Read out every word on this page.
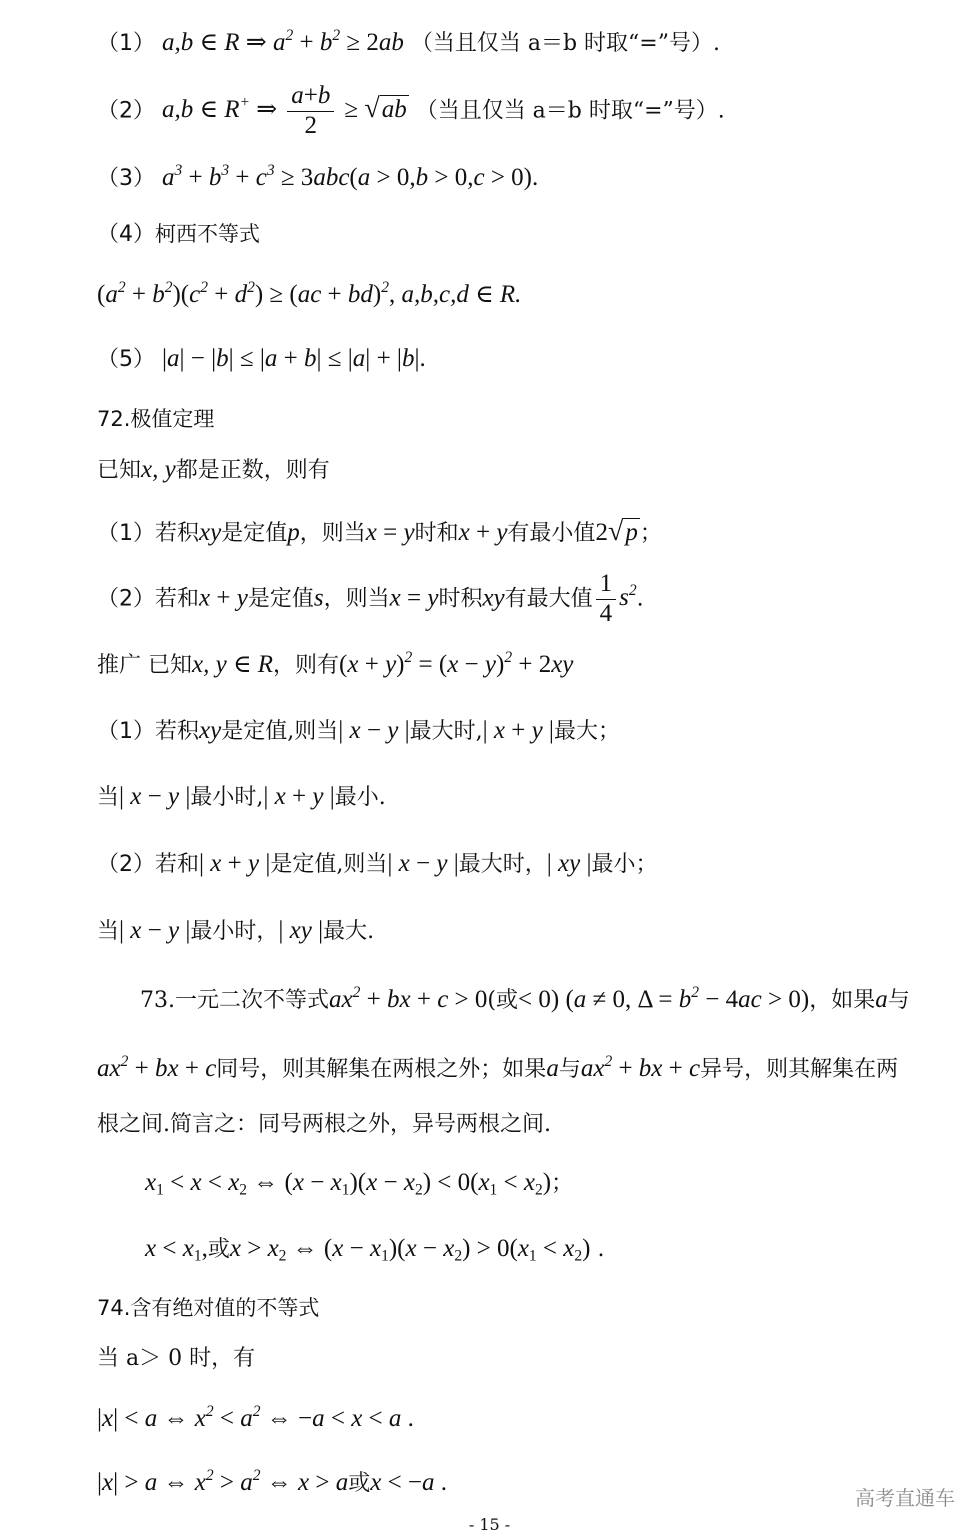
（1） a,b ∈ R ⇒ $a^2 + b^2 \ge 2ab$ （当且仅当 a＝b 时取“=”号）.
（2） a,b ∈ R+ ⇒ $\frac{a+b}{2} \ge √ab$ （当且仅当 a＝b 时取“=”号）.
（3） $a^3 + b^3 + c^3 \ge 3abc(a > 0,b > 0,c > 0)$.
（4）柯西不等式
$(a^2 + b^2)(c^2 + d^2) \ge (ac + bd)^2$, a,b,c,d ∈ R.
（5） |a| − |b| ≤ |a + b| ≤ |a| + |b|.
72.极值定理
已知x, y都是正数，则有
（1）若积xy是定值p，则当x = y时和x + y有最小值2√p；
（2）若和x + y是定值s，则当x = y时积xy有最大值 $\frac{1}{4} s^2$.
推广 已知x, y ∈ R，则有$(x + y)^2 = (x - y)^2 + 2xy$
（1）若积xy是定值,则当| x − y |最大时,| x + y |最大；
当| x − y |最小时,| x + y |最小.
（2）若和| x + y |是定值,则当| x − y |最大时，| xy |最小；
当| x − y |最小时，| xy |最大.
73.一元二次不等式$ax^2$ + bx + c > 0(或< 0) (a ≠ 0, $\Delta = b^2 - 4ac > 0$)，如果a与
$ax^2$ + bx + c同号，则其解集在两根之外；如果a与$ax^2$ + bx + c异号，则其解集在两
根之间.简言之：同号两根之外，异号两根之间.
$x_1 < x < x_2$ ⇔ $(x - x_1)(x - x_2) < 0(x_1 < x_2)$；
$x < x_1$,或$x > x_2$ ⇔ $(x - x_1)(x - x_2) > 0(x_1 < x_2)$ .
74.含有绝对值的不等式
当 a＞ 0 时，有
|x| < a ⇔ $x^2 < a^2$ ⇔ −a < x < a .
|x| > a ⇔ $x^2 > a^2$ ⇔ x > a或x < −a .
高考直通车
- 15 -
